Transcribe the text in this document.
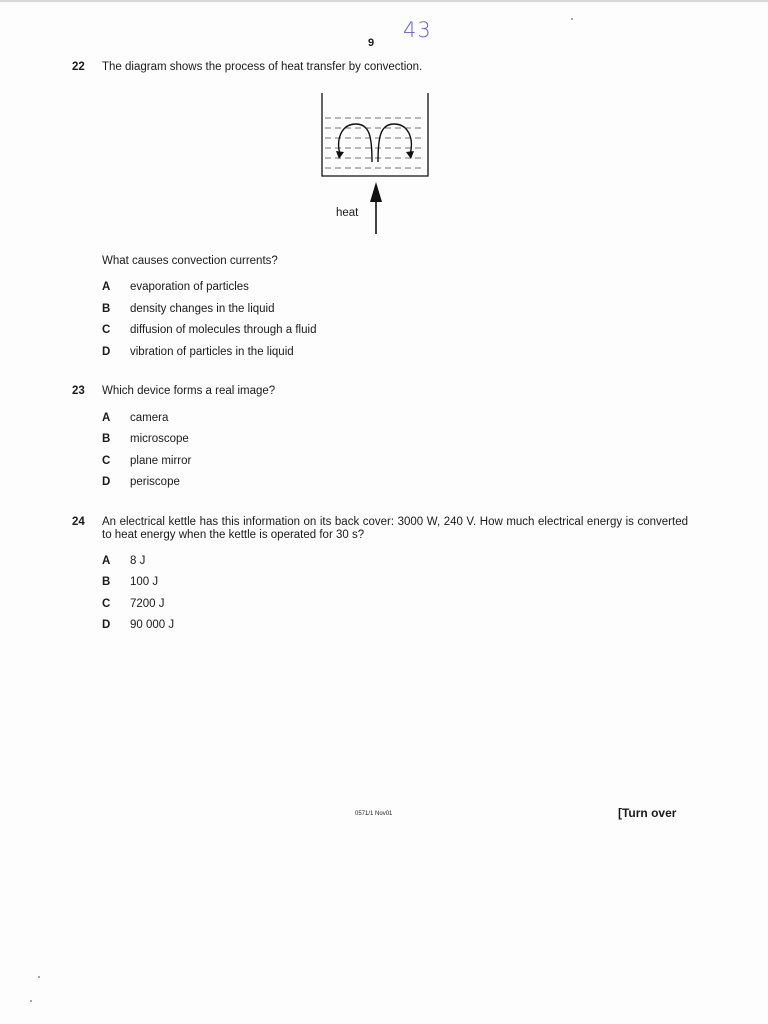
43
9
22 The diagram shows the process of heat transfer by convection.
heat
What causes convection currents?
A evaporation of particles
B density changes in the liquid
C diffusion of molecules through a fluid
D vibration of particles in the liquid
23 Which device forms a real image?
A camera
B microscope
C plane mirror
D periscope
24 An electrical kettle has this information on its back cover: 3000 W, 240 V. How much electrical energy is converted to heat energy when the kettle is operated for 30 s?
A 8 J
B 100 J
C 7200 J
D 90 000 J
0571/1 Nov01	[Turn over
